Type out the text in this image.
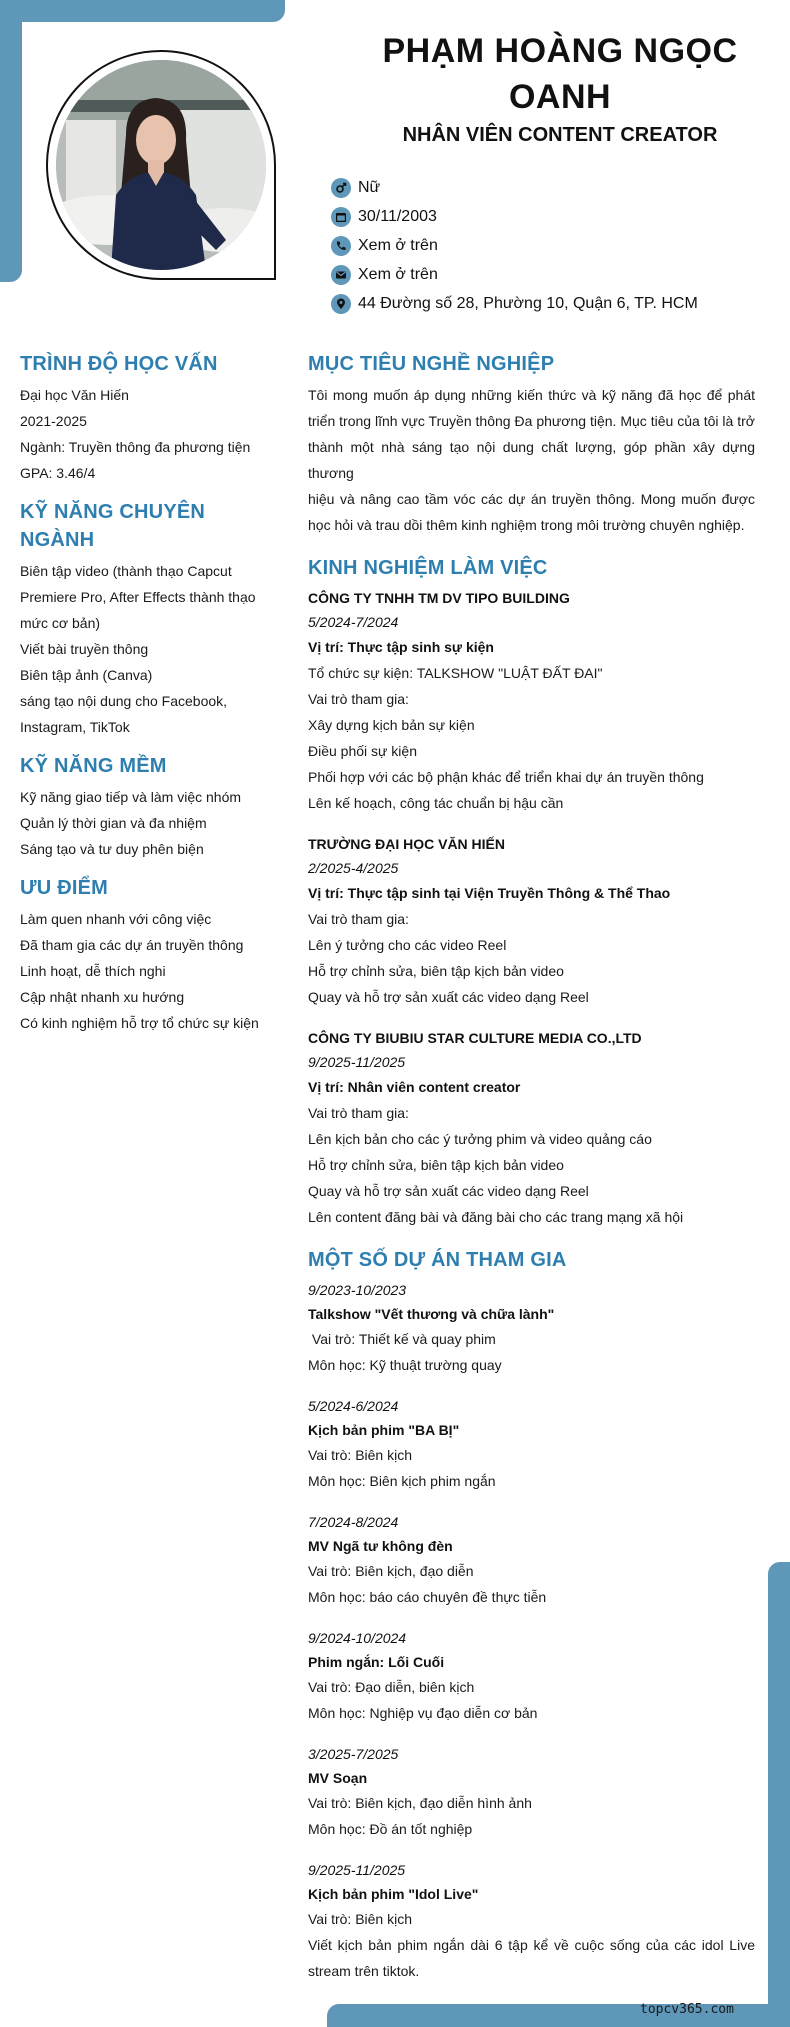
PHẠM HOÀNG NGỌC OANH
NHÂN VIÊN CONTENT CREATOR
Nữ
30/11/2003
Xem ở trên
Xem ở trên
44 Đường số 28, Phường 10, Quận 6, TP. HCM
TRÌNH ĐỘ HỌC VẤN
Đại học Văn Hiến
2021-2025
Ngành: Truyền thông đa phương tiện
GPA: 3.46/4
KỸ NĂNG CHUYÊN NGÀNH
Biên tập video (thành thạo Capcut Premiere Pro, After Effects thành thạo mức cơ bản)
Viết bài truyền thông
Biên tập ảnh (Canva)
sáng tạo nội dung cho Facebook, Instagram, TikTok
KỸ NĂNG MỀM
Kỹ năng giao tiếp và làm việc nhóm
Quản lý thời gian và đa nhiệm
Sáng tạo và tư duy phên biện
ƯU ĐIỂM
Làm quen nhanh với công việc
Đã tham gia các dự án truyền thông
Linh hoạt, dễ thích nghi
Cập nhật nhanh xu hướng
Có kinh nghiệm hỗ trợ tổ chức sự kiện
MỤC TIÊU NGHỀ NGHIỆP
Tôi mong muốn áp dụng những kiến thức và kỹ năng đã học để phát triển trong lĩnh vực Truyền thông Đa phương tiện. Mục tiêu của tôi là trở thành một nhà sáng tạo nội dung chất lượng, góp phần xây dựng thương
hiệu và nâng cao tầm vóc các dự án truyền thông. Mong muốn được học hỏi và trau dồi thêm kinh nghiệm trong môi trường chuyên nghiệp.
KINH NGHIỆM LÀM VIỆC
CÔNG TY TNHH TM DV TIPO BUILDING
5/2024-7/2024
Vị trí: Thực tập sinh sự kiện
Tổ chức sự kiện: TALKSHOW "LUẬT ĐẤT ĐAI"
Vai trò tham gia:
Xây dựng kịch bản sự kiện
Điều phối sự kiện
Phối hợp với các bộ phận khác để triển khai dự án truyền thông
Lên kế hoạch, công tác chuẩn bị hậu cần
TRƯỜNG ĐẠI HỌC VĂN HIẾN
2/2025-4/2025
Vị trí: Thực tập sinh tại Viện Truyền Thông & Thể Thao
Vai trò tham gia:
Lên ý tưởng cho các video Reel
Hỗ trợ chỉnh sửa, biên tập kịch bản video
Quay và hỗ trợ sản xuất các video dạng Reel
CÔNG TY BIUBIU STAR CULTURE MEDIA CO.,LTD
9/2025-11/2025
Vị trí: Nhân viên content creator
Vai trò tham gia:
Lên kịch bản cho các ý tưởng phim và video quảng cáo
Hỗ trợ chỉnh sửa, biên tập kịch bản video
Quay và hỗ trợ sản xuất các video dạng Reel
Lên content đăng bài và đăng bài cho các trang mạng xã hội
MỘT SỐ DỰ ÁN THAM GIA
9/2023-10/2023
Talkshow "Vết thương và chữa lành"
Vai trò: Thiết kế và quay phim
Môn học: Kỹ thuật trường quay
5/2024-6/2024
Kịch bản phim "BA BỊ"
Vai trò: Biên kịch
Môn học: Biên kịch phim ngắn
7/2024-8/2024
MV Ngã tư không đèn
Vai trò: Biên kịch, đạo diễn
Môn học: báo cáo chuyên đề thực tiễn
9/2024-10/2024
Phim ngắn: Lối Cuối
Vai trò: Đạo diễn, biên kịch
Môn học: Nghiệp vụ đạo diễn cơ bản
3/2025-7/2025
MV Soạn
Vai trò: Biên kịch, đạo diễn hình ảnh
Môn học: Đồ án tốt nghiệp
9/2025-11/2025
Kịch bản phim "Idol Live"
Vai trò: Biên kịch
Viết kịch bản phim ngắn dài 6 tập kể về cuộc sống của các idol Live stream trên tiktok.
topcv365.com
